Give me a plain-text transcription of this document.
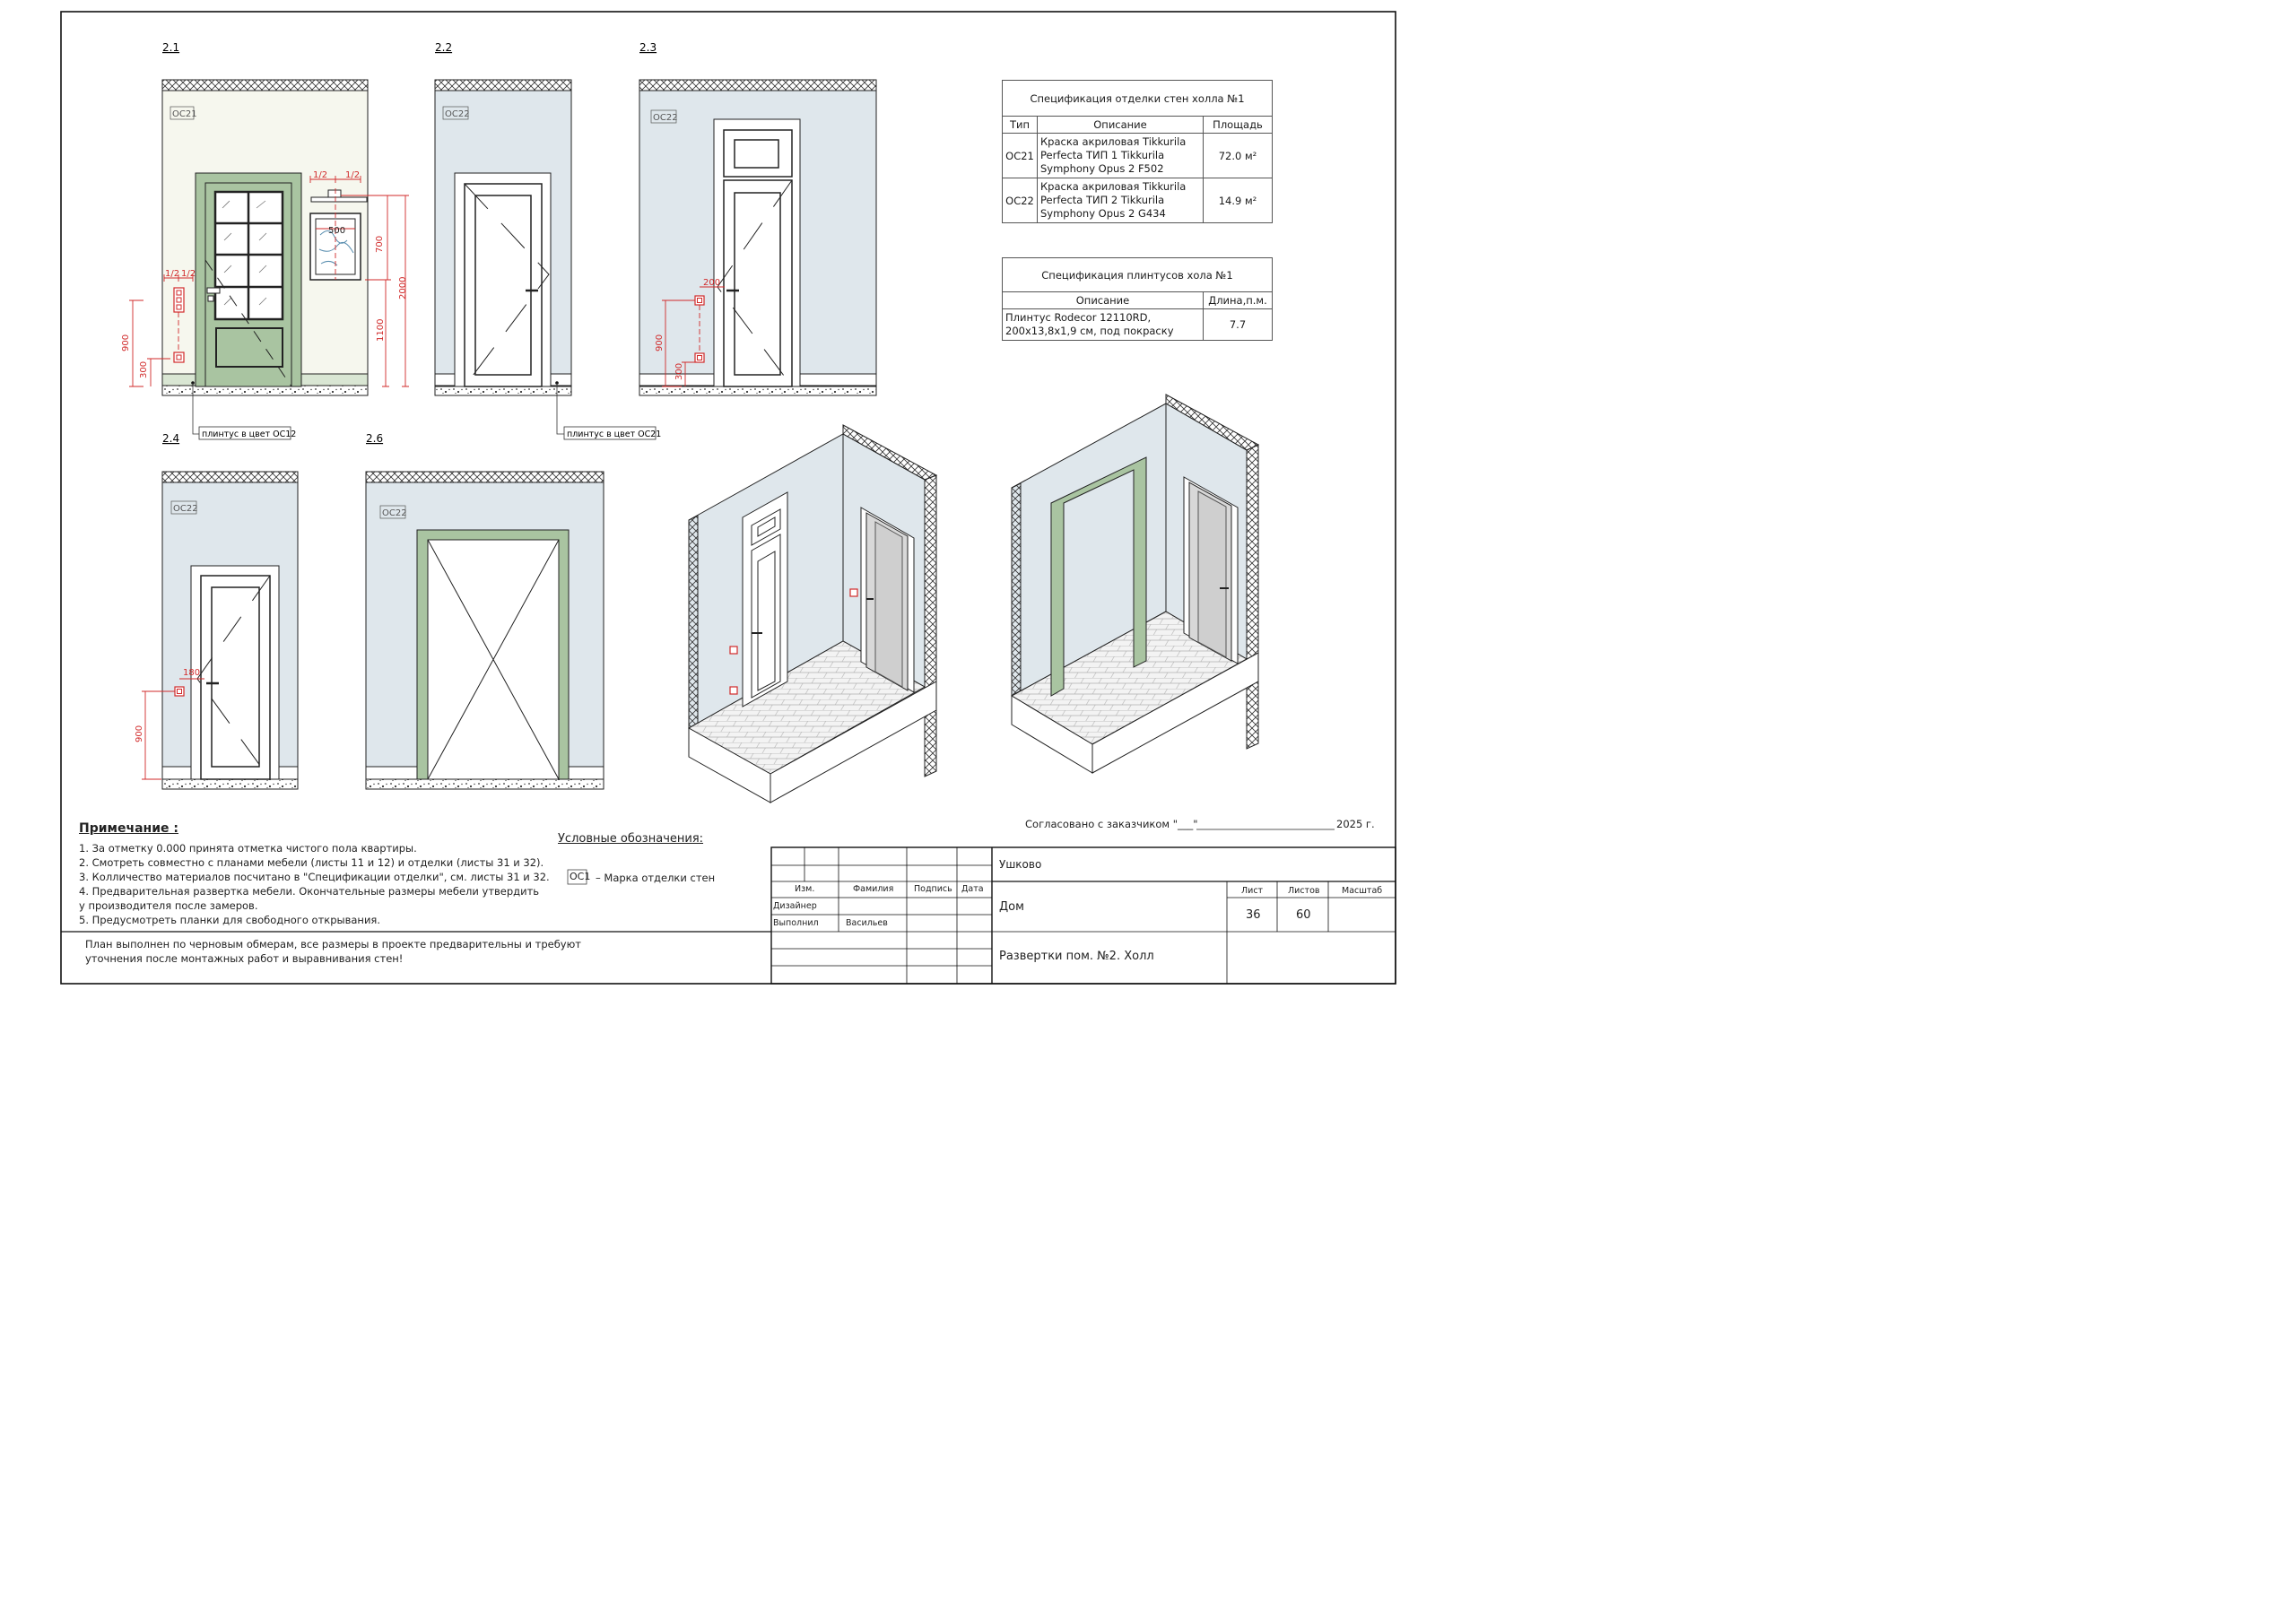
2.1
ОС21
1/2 1/2
1/2 1/2
500
700
2000
1100
900
300
плинтус в цвет ОС12
2.2
ОС22
плинтус в цвет ОС21
2.3
ОС22
200
900
300
2.4
ОС22
180
900
2.6
ОС22
Спецификация отделки стен холла №1		
Тип	Описание	Площадь
ОС21	Краска акриловая Tikkurila Perfecta ТИП 1 Tikkurila Symphony Opus 2 F502	72.0 м²
ОС22	Краска акриловая Tikkurila Perfecta ТИП 2 Tikkurila Symphony Opus 2 G434	14.9 м²
Спецификация плинтусов хола №1	
Описание	Длина,п.м.
Плинтус Rodecor 12110RD, 200х13,8х1,9 см, под покраску	7.7
Примечание :
1. За отметку 0.000 принята отметка чистого пола квартиры.
2. Смотреть совместно с планами мебели (листы 11 и 12) и отделки (листы 31 и 32).
3. Колличество материалов посчитано в "Спецификации отделки", см. листы 31 и 32.
4. Предварительная развертка мебели. Окончательные размеры мебели утвердить
у производителя после замеров.
5. Предусмотреть планки для свободного открывания.
План выполнен по черновым обмерам, все размеры в проекте предварительны и требуют
уточнения после монтажных работ и выравнивания стен!
Условные обозначения:
ОС1 – Марка отделки стен
Согласовано с заказчиком "___"	2025 г.
Ушково
Дом
Развертки пом. №2. Холл
Изм.	Фамилия Подпись Дата
Дизайнер
Выполнил	Васильев
Лист	Листов	Масштаб
36	60
